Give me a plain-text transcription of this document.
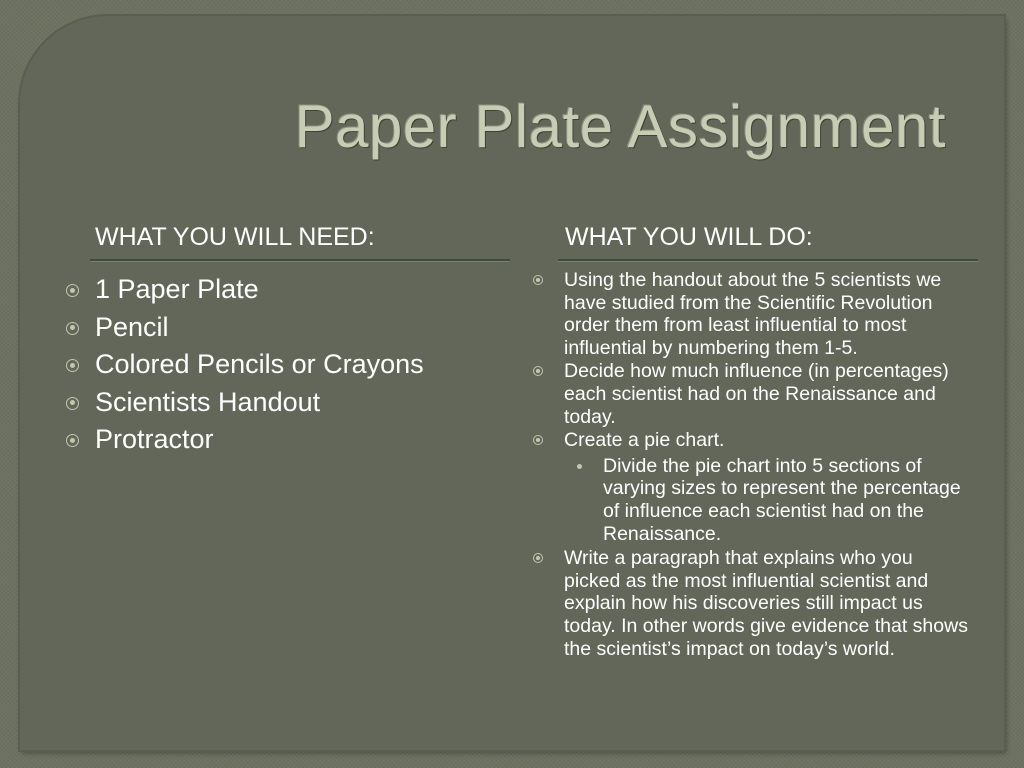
Paper Plate Assignment
WHAT YOU WILL NEED:	WHAT YOU WILL DO:
1 Paper Plate
Pencil
Colored Pencils or Crayons
Scientists Handout
Protractor
Using the handout about the 5 scientists we have studied from the Scientific Revolution order them from least influential to most influential by numbering them 1-5.
Decide how much influence (in percentages) each scientist had on the Renaissance and today.
Create a pie chart.
Divide the pie chart into 5 sections of varying sizes to represent the percentage of influence each scientist had on the Renaissance.
Write a paragraph that explains who you picked as the most influential scientist and explain how his discoveries still impact us today. In other words give evidence that shows the scientist’s impact on today’s world.
